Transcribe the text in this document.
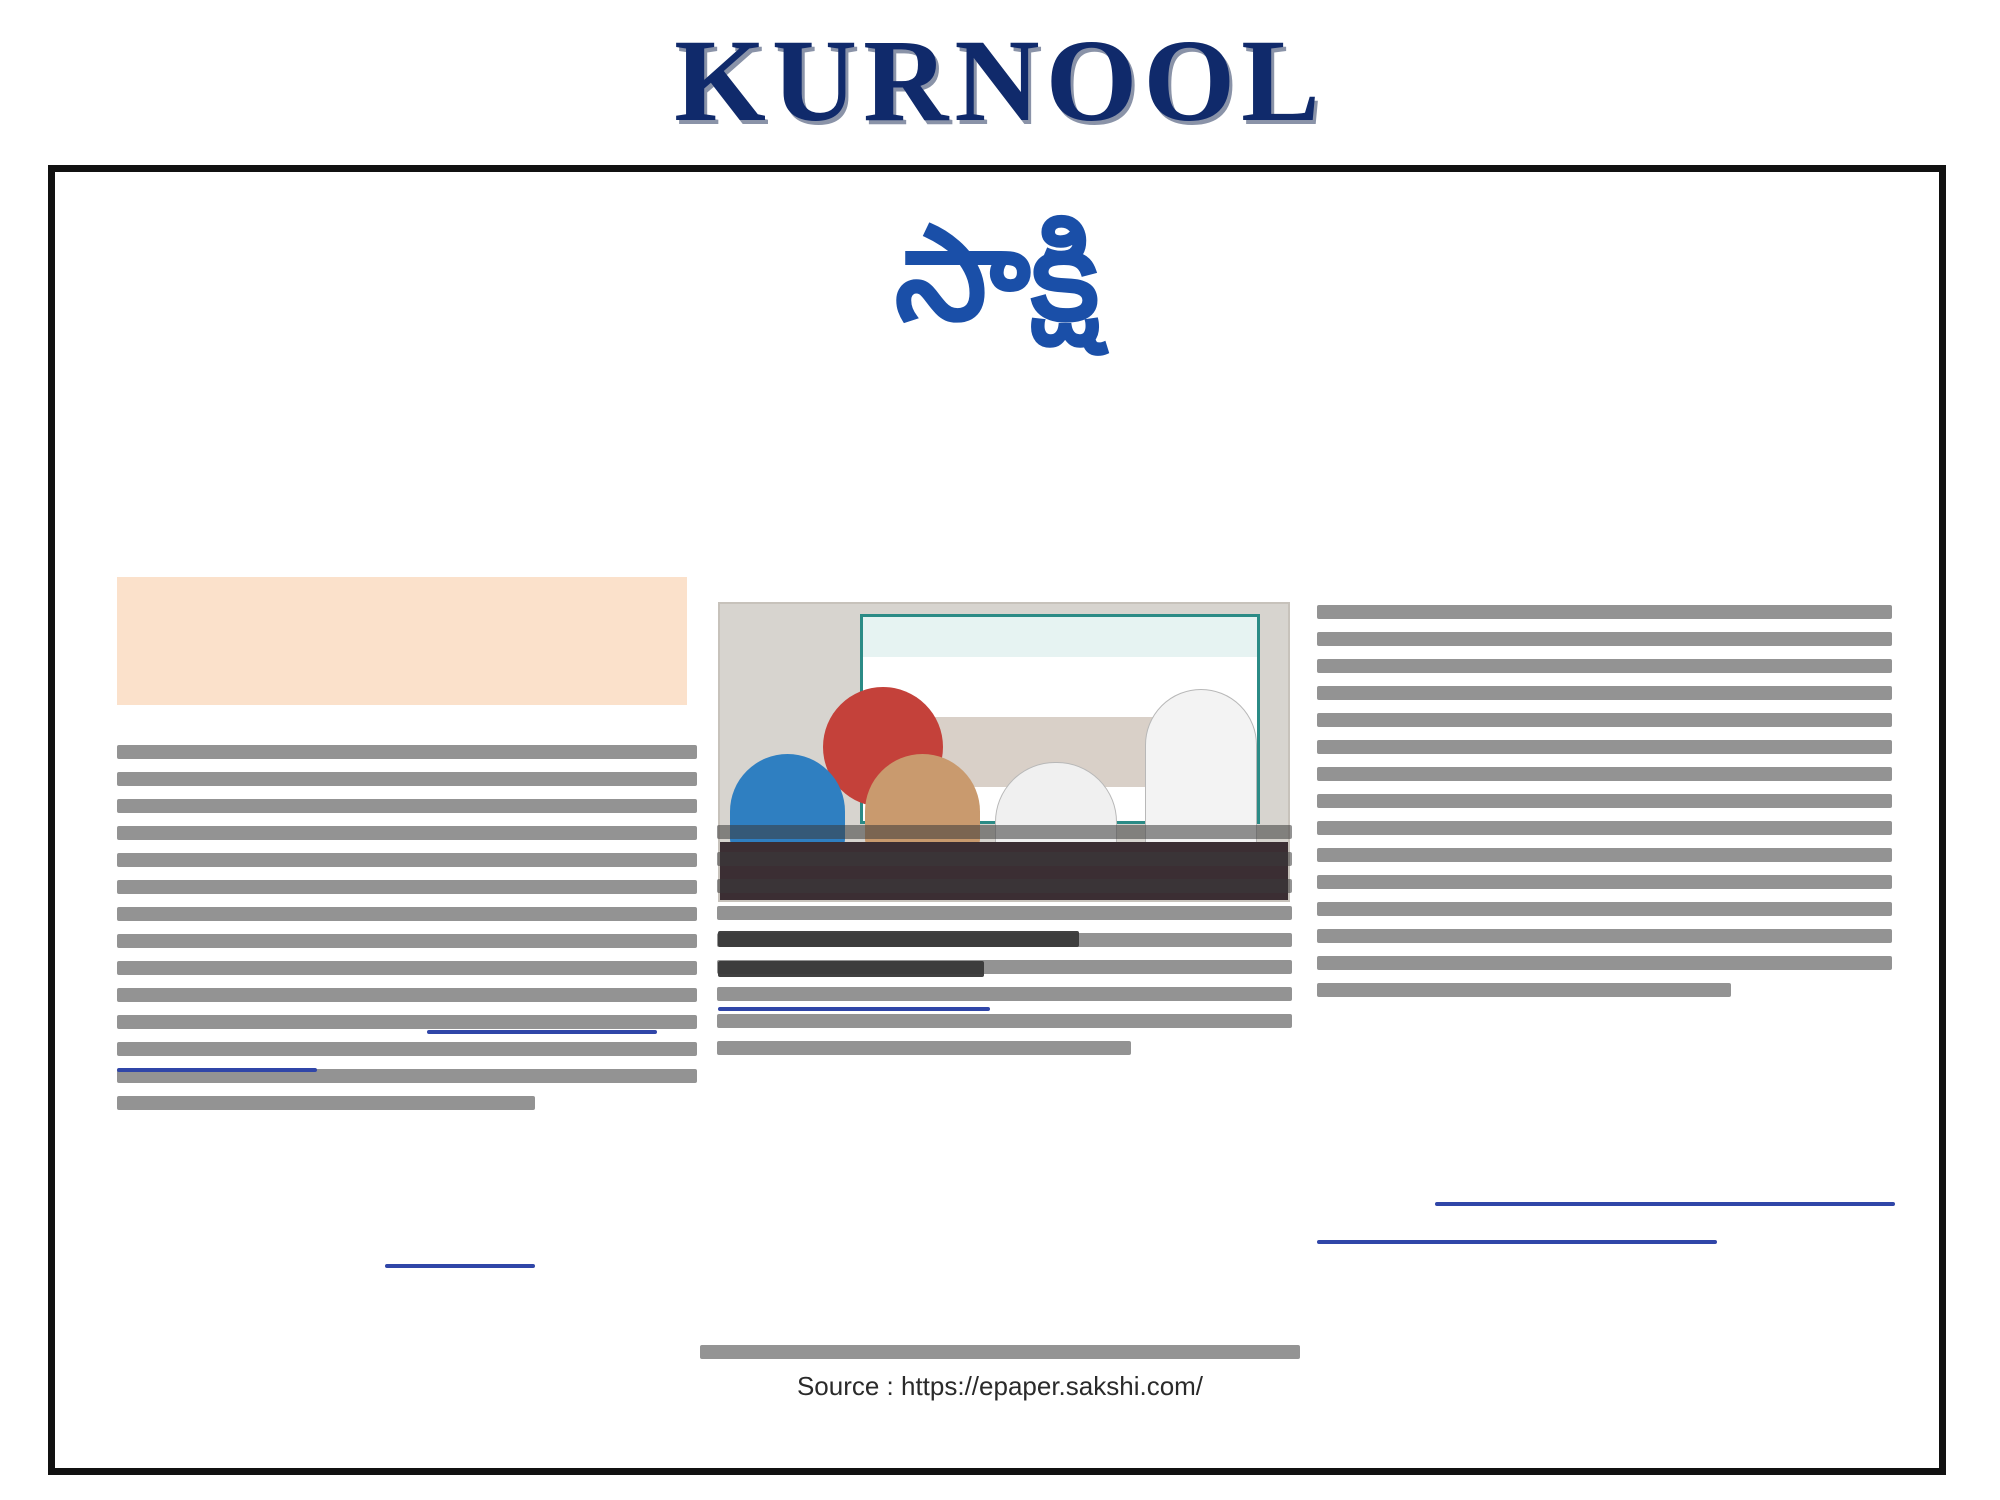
KURNOOL
సాక్షి
Source : https://epaper.sakshi.com/
